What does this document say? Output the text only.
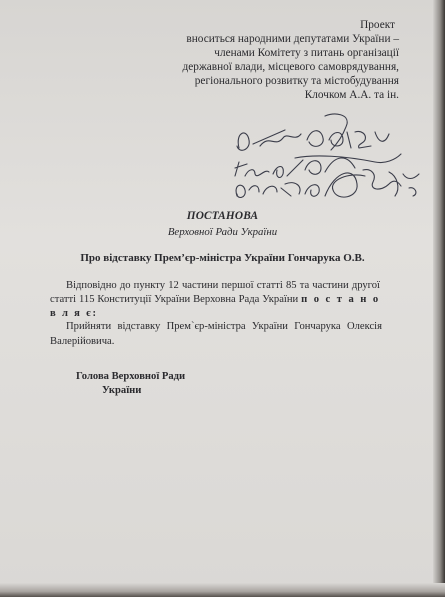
Проект
вноситься народними депутатами України –
членами Комітету з питань організації
державної влади, місцевого самоврядування,
регіонального розвитку та містобудування
Клочком А.А. та ін.
ПОСТАНОВА
Верховної Ради України
Про відставку Прем’єр-міністра України Гончарука О.В.
Відповідно до пункту 12 частини першої статті 85 та частини другої статті 115 Конституції України Верховна Рада України п о с т а н о в л я є:
Прийняти відставку Прем`єр-міністра України Гончарука Олексія Валерійовича.
Голова Верховної Ради
України
